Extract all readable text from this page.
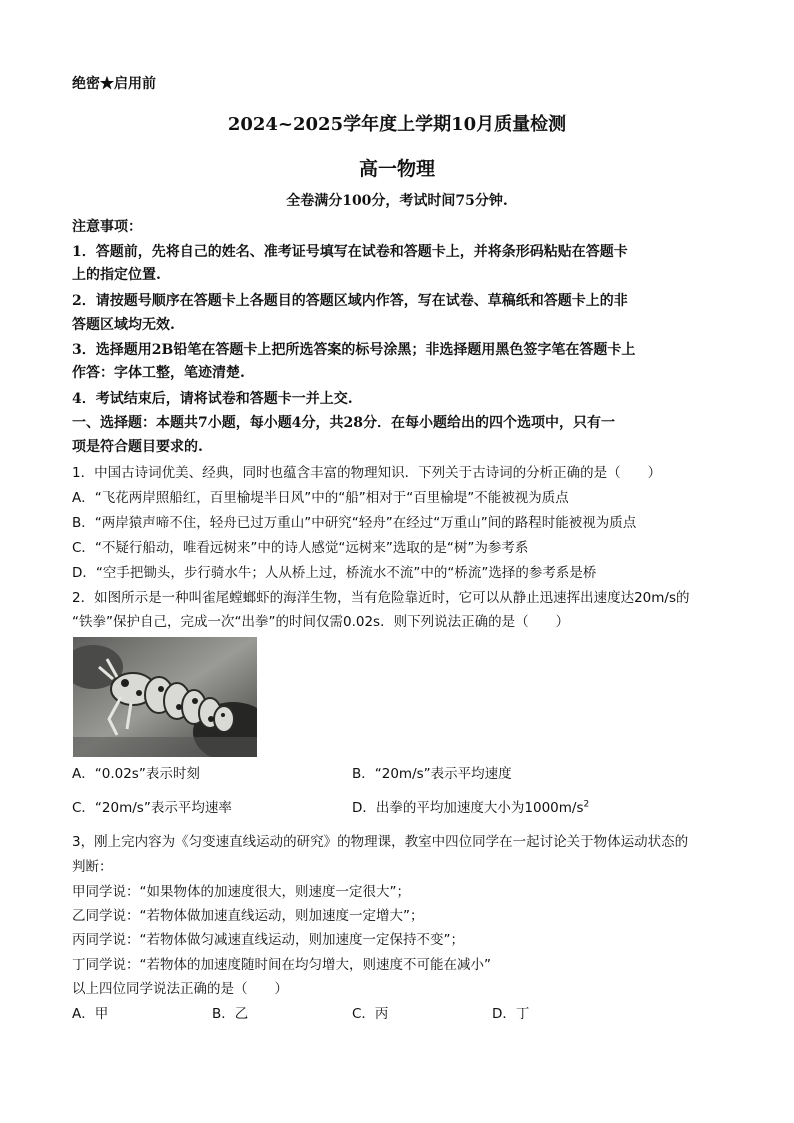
绝密★启用前
2024~2025学年度上学期10月质量检测
高一物理
全卷满分100分，考试时间75分钟.
注意事项：
1．答题前，先将自己的姓名、准考证号填写在试卷和答题卡上，并将条形码粘贴在答题卡
上的指定位置.
2．请按题号顺序在答题卡上各题目的答题区域内作答，写在试卷、草稿纸和答题卡上的非
答题区域均无效.
3．选择题用2B铅笔在答题卡上把所选答案的标号涂黑；非选择题用黑色签字笔在答题卡上
作答：字体工整，笔迹清楚.
4．考试结束后，请将试卷和答题卡一并上交.
一、选择题：本题共7小题，每小题4分，共28分．在每小题给出的四个选项中，只有一
项是符合题目要求的.
1．中国古诗词优美、经典，同时也蕴含丰富的物理知识．下列关于古诗词的分析正确的是（　　）
A．“飞花两岸照船红，百里榆堤半日风”中的“船”相对于“百里榆堤”不能被视为质点
B．“两岸猿声啼不住，轻舟已过万重山”中研究“轻舟”在经过“万重山”间的路程时能被视为质点
C．“不疑行船动，唯看远树来”中的诗人感觉“远树来”选取的是“树”为参考系
D．“空手把锄头，步行骑水牛；人从桥上过，桥流水不流”中的“桥流”选择的参考系是桥
2．如图所示是一种叫雀尾螳螂虾的海洋生物，当有危险靠近时，它可以从静止迅速挥出速度达20m/s的
“铁拳”保护自己，完成一次“出拳”的时间仅需0.02s．则下列说法正确的是（　　）
A．“0.02s”表示时刻	B．“20m/s”表示平均速度
C．“20m/s”表示平均速率	D．出拳的平均加速度大小为$1000m/s^2$
3，刚上完内容为《匀变速直线运动的研究》的物理课，教室中四位同学在一起讨论关于物体运动状态的
判断：
甲同学说：“如果物体的加速度很大，则速度一定很大”；
乙同学说：“若物体做加速直线运动，则加速度一定增大”；
丙同学说：“若物体做匀减速直线运动，则加速度一定保持不变”；
丁同学说：“若物体的加速度随时间在均匀增大，则速度不可能在减小”
以上四位同学说法正确的是（　　）
A．甲	B．乙	C．丙	D．丁
